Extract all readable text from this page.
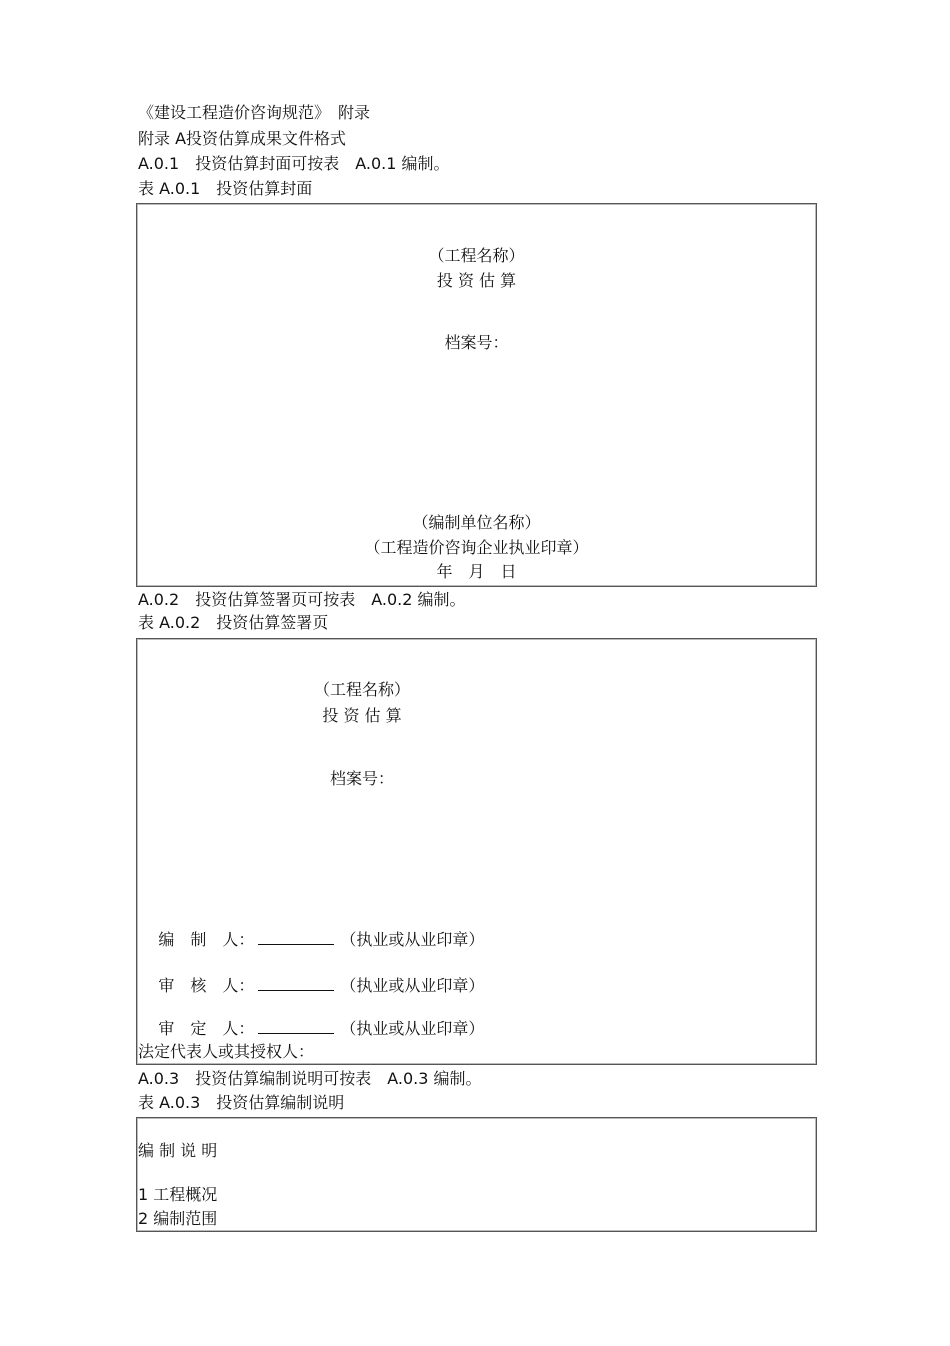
《建设工程造价咨询规范》　附录
附录 A投资估算成果文件格式
A.0.1　投资估算封面可按表　A.0.1 编制。
表 A.0.1　投资估算封面
（工程名称）
投 资 估 算
档案号：
（编制单位名称）
（工程造价咨询企业执业印章）
年　月　日
A.0.2　投资估算签署页可按表　A.0.2 编制。
表 A.0.2　投资估算签署页
（工程名称）
投 资 估 算
档案号：

编　制　人：	（执业或从业印章）

审　核　人：	（执业或从业印章）

审　定　人：	（执业或从业印章）

法定代表人或其授权人：
A.0.3　投资估算编制说明可按表　A.0.3 编制。
表 A.0.3　投资估算编制说明
编 制 说 明
1 工程概况
2 编制范围
